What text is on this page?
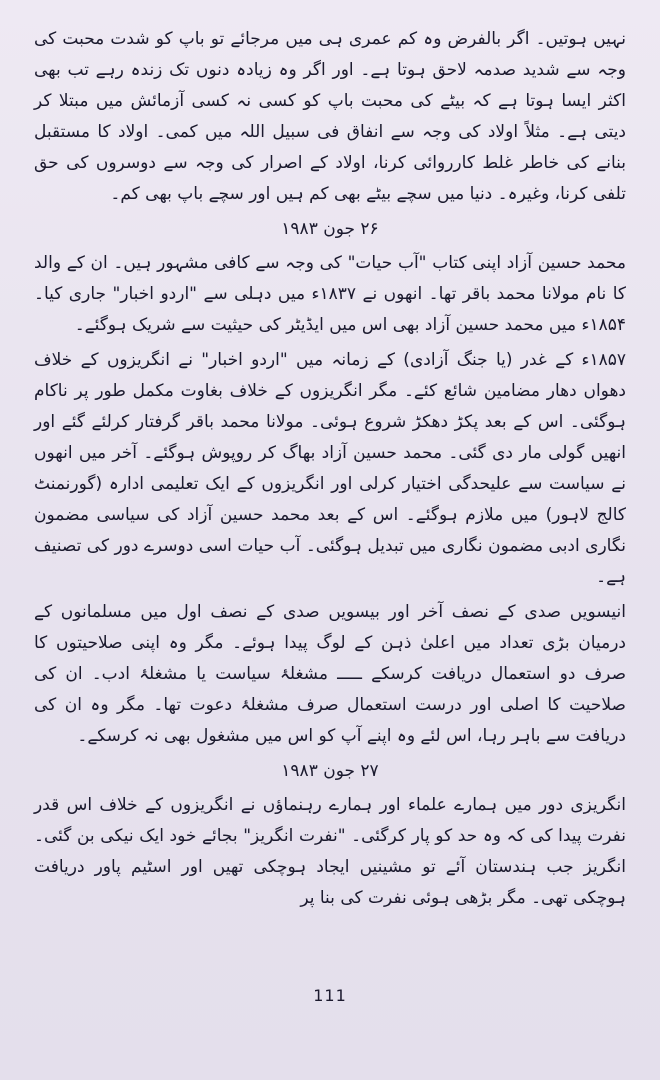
نہیں ہوتیں۔ اگر بالفرض وہ کم عمری ہی میں مرجائے تو باپ کو شدت محبت کی وجہ سے شدید صدمہ لاحق ہوتا ہے۔ اور اگر وہ زیادہ دنوں تک زندہ رہے تب بھی اکثر ایسا ہوتا ہے کہ بیٹے کی محبت باپ کو کسی نہ کسی آزمائش میں مبتلا کر دیتی ہے۔ مثلاً اولاد کی وجہ سے انفاق فی سبیل اللہ میں کمی۔ اولاد کا مستقبل بنانے کی خاطر غلط کارروائی کرنا، اولاد کے اصرار کی وجہ سے دوسروں کی حق تلفی کرنا، وغیرہ۔ دنیا میں سچے بیٹے بھی کم ہیں اور سچے باپ بھی کم۔

۲۶ جون ۱۹۸۳

محمد حسین آزاد اپنی کتاب "آب حیات" کی وجہ سے کافی مشہور ہیں۔ ان کے والد کا نام مولانا محمد باقر تھا۔ انھوں نے ۱۸۳۷ء میں دہلی سے "اردو اخبار" جاری کیا۔ ۱۸۵۴ء میں محمد حسین آزاد بھی اس میں ایڈیٹر کی حیثیت سے شریک ہوگئے۔

۱۸۵۷ء کے غدر (یا جنگ آزادی) کے زمانہ میں "اردو اخبار" نے انگریزوں کے خلاف دھواں دھار مضامین شائع کئے۔ مگر انگریزوں کے خلاف بغاوت مکمل طور پر ناکام ہوگئی۔ اس کے بعد پکڑ دھکڑ شروع ہوئی۔ مولانا محمد باقر گرفتار کرلئے گئے اور انھیں گولی مار دی گئی۔ محمد حسین آزاد بھاگ کر روپوش ہوگئے۔ آخر میں انھوں نے سیاست سے علیحدگی اختیار کرلی اور انگریزوں کے ایک تعلیمی ادارہ (گورنمنٹ کالج لاہور) میں ملازم ہوگئے۔ اس کے بعد محمد حسین آزاد کی سیاسی مضمون نگاری ادبی مضمون نگاری میں تبدیل ہوگئی۔ آب حیات اسی دوسرے دور کی تصنیف ہے۔

انیسویں صدی کے نصف آخر اور بیسویں صدی کے نصف اول میں مسلمانوں کے درمیان بڑی تعداد میں اعلیٰ ذہن کے لوگ پیدا ہوئے۔ مگر وہ اپنی صلاحیتوں کا صرف دو استعمال دریافت کرسکے ـــــ مشغلۂ سیاست یا مشغلۂ ادب۔ ان کی صلاحیت کا اصلی اور درست استعمال صرف مشغلۂ دعوت تھا۔ مگر وہ ان کی دریافت سے باہر رہا، اس لئے وہ اپنے آپ کو اس میں مشغول بھی نہ کرسکے۔

۲۷ جون ۱۹۸۳

انگریزی دور میں ہمارے علماء اور ہمارے رہنماؤں نے انگریزوں کے خلاف اس قدر نفرت پیدا کی کہ وہ حد کو پار کرگئی۔ "نفرت انگریز" بجائے خود ایک نیکی بن گئی۔ انگریز جب ہندستان آئے تو مشینیں ایجاد ہوچکی تھیں اور اسٹیم پاور دریافت ہوچکی تھی۔ مگر بڑھی ہوئی نفرت کی بنا پر

111
